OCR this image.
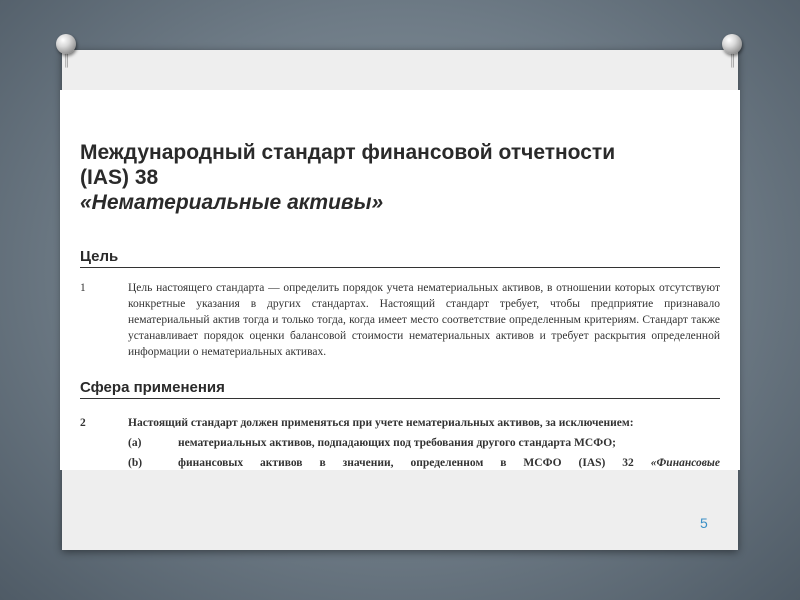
Международный стандарт финансовой отчетности
(IAS) 38
«Нематериальные активы»
Цель
1	Цель настоящего стандарта — определить порядок учета нематериальных активов, в отношении которых отсутствуют конкретные указания в других стандартах. Настоящий стандарт требует, чтобы предприятие признавало нематериальный актив тогда и только тогда, когда имеет место соответствие определенным критериям. Стандарт также устанавливает порядок оценки балансовой стоимости нематериальных активов и требует раскрытия определенной информации о нематериальных активах.
Сфера применения
2	Настоящий стандарт должен применяться при учете нематериальных активов, за исключением:
(a)	нематериальных активов, подпадающих под требования другого стандарта МСФО;
(b)	финансовых активов в значении, определенном в МСФО (IAS) 32 «Финансовые
5
